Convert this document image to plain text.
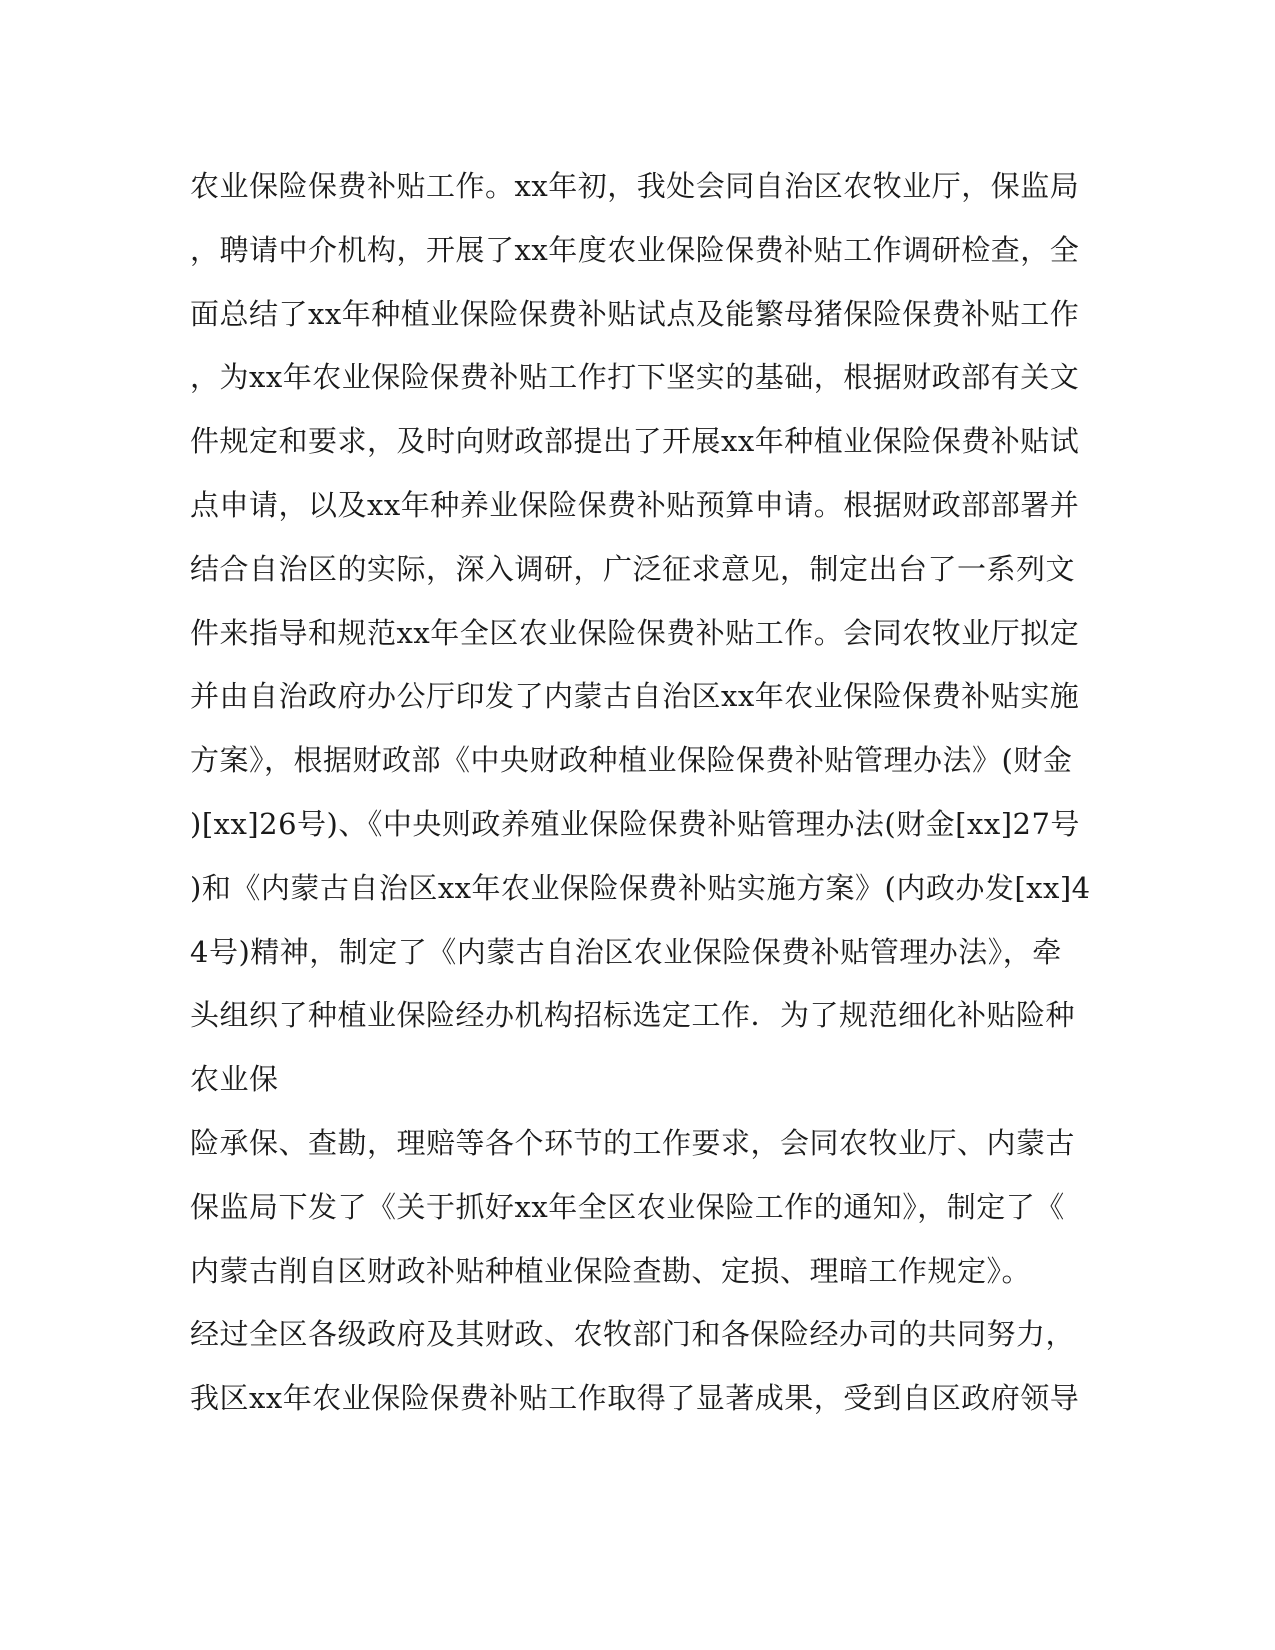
农业保险保费补贴工作。xx年初，我处会同自治区农牧业厅，保监局
，聘请中介机构，开展了xx年度农业保险保费补贴工作调研检查，全
面总结了xx年种植业保险保费补贴试点及能繁母猪保险保费补贴工作
，为xx年农业保险保费补贴工作打下坚实的基础，根据财政部有关文
件规定和要求，及时向财政部提出了开展xx年种植业保险保费补贴试
点申请，以及xx年种养业保险保费补贴预算申请。根据财政部部署并
结合自治区的实际，深入调研，广泛征求意见，制定出台了一系列文
件来指导和规范xx年全区农业保险保费补贴工作。会同农牧业厅拟定
并由自治政府办公厅印发了内蒙古自治区xx年农业保险保费补贴实施
方案》，根据财政部《中央财政种植业保险保费补贴管理办法》(财金
)[xx]26号)、《中央则政养殖业保险保费补贴管理办法(财金[xx]27号
)和《内蒙古自治区xx年农业保险保费补贴实施方案》(内政办发[xx]4
4号)精神，制定了《内蒙古自治区农业保险保费补贴管理办法》，牵
头组织了种植业保险经办机构招标选定工作．为了规范细化补贴险种
农业保
险承保、查勘，理赔等各个环节的工作要求，会同农牧业厅、内蒙古
保监局下发了《关于抓好xx年全区农业保险工作的通知》，制定了《
内蒙古削自区财政补贴种植业保险查勘、定损、理暗工作规定》。
经过全区各级政府及其财政、农牧部门和各保险经办司的共同努力，
我区xx年农业保险保费补贴工作取得了显著成果，受到自区政府领导
